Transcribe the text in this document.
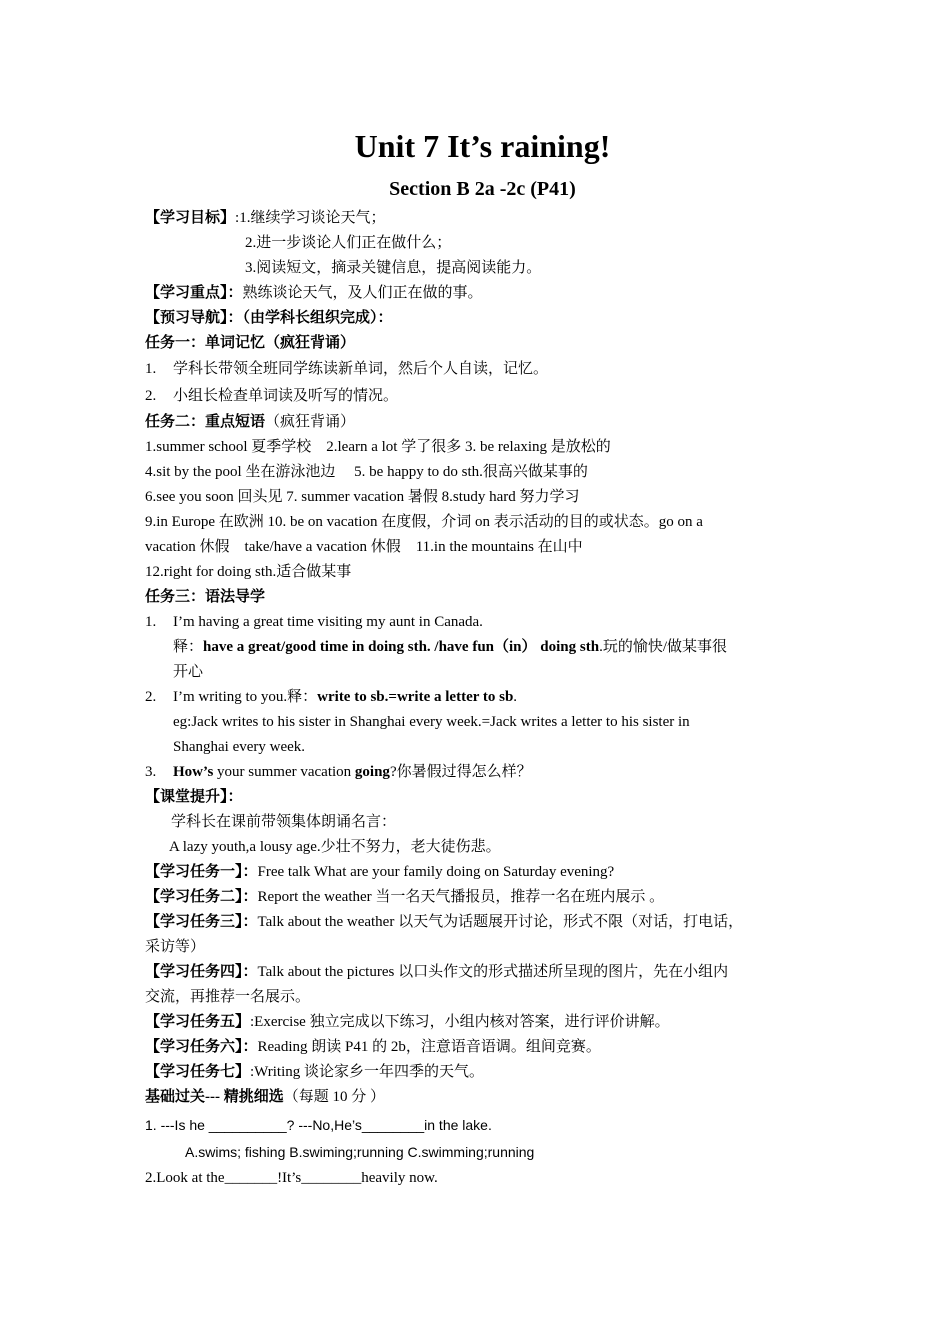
Unit 7 It’s raining!
Section B 2a -2c (P41)

【学习目标】:1.继续学习谈论天气；

2.进一步谈论人们正在做什么；

3.阅读短文，摘录关键信息，提高阅读能力。

【学习重点】：熟练谈论天气，及人们正在做的事。

【预习导航】：（由学科长组织完成）：

任务一：单词记忆（疯狂背诵）

1. 学科长带领全班同学练读新单词，然后个人自读，记忆。

2. 小组长检查单词读及听写的情况。

任务二：重点短语（疯狂背诵）

1.summer school 夏季学校　2.learn a lot 学了很多 3. be relaxing 是放松的

4.sit by the pool 坐在游泳池边　 5. be happy to do sth.很高兴做某事的

6.see you soon 回头见 7. summer vacation 暑假 8.study hard 努力学习

9.in Europe 在欧洲 10. be on vacation 在度假，介词 on 表示活动的目的或状态。go on a

vacation 休假　take/have a vacation 休假　11.in the mountains 在山中

12.right for doing sth.适合做某事

任务三：语法导学

1. I’m having a great time visiting my aunt in Canada.

释：have a great/good time in doing sth. /have fun（in） doing sth.玩的愉快/做某事很

开心

2. I’m writing to you.释：write to sb.=write a letter to sb.

eg:Jack writes to his sister in Shanghai every week.=Jack writes a letter to his sister in

Shanghai every week.

3. How’s your summer vacation going?你暑假过得怎么样？

【课堂提升】：

学科长在课前带领集体朗诵名言：

A lazy youth,a lousy age.少壮不努力，老大徒伤悲。

【学习任务一】：Free talk What are your family doing on Saturday evening?

【学习任务二】：Report the weather 当一名天气播报员，推荐一名在班内展示 。

【学习任务三】：Talk about the weather 以天气为话题展开讨论，形式不限（对话，打电话，

采访等）

【学习任务四】：Talk about the pictures 以口头作文的形式描述所呈现的图片，先在小组内

交流，再推荐一名展示。

【学习任务五】:Exercise 独立完成以下练习，小组内核对答案，进行评价讲解。

【学习任务六】：Reading 朗读 P41 的 2b，注意语音语调。组间竞赛。

【学习任务七】:Writing 谈论家乡一年四季的天气。

基础过关--- 精挑细选（每题 10 分 ）

1. ---Is he __________? ---No,He’s________in the lake.

A.swims; fishing B.swiming;running C.swimming;running

2.Look at the_______!It’s________heavily now.
